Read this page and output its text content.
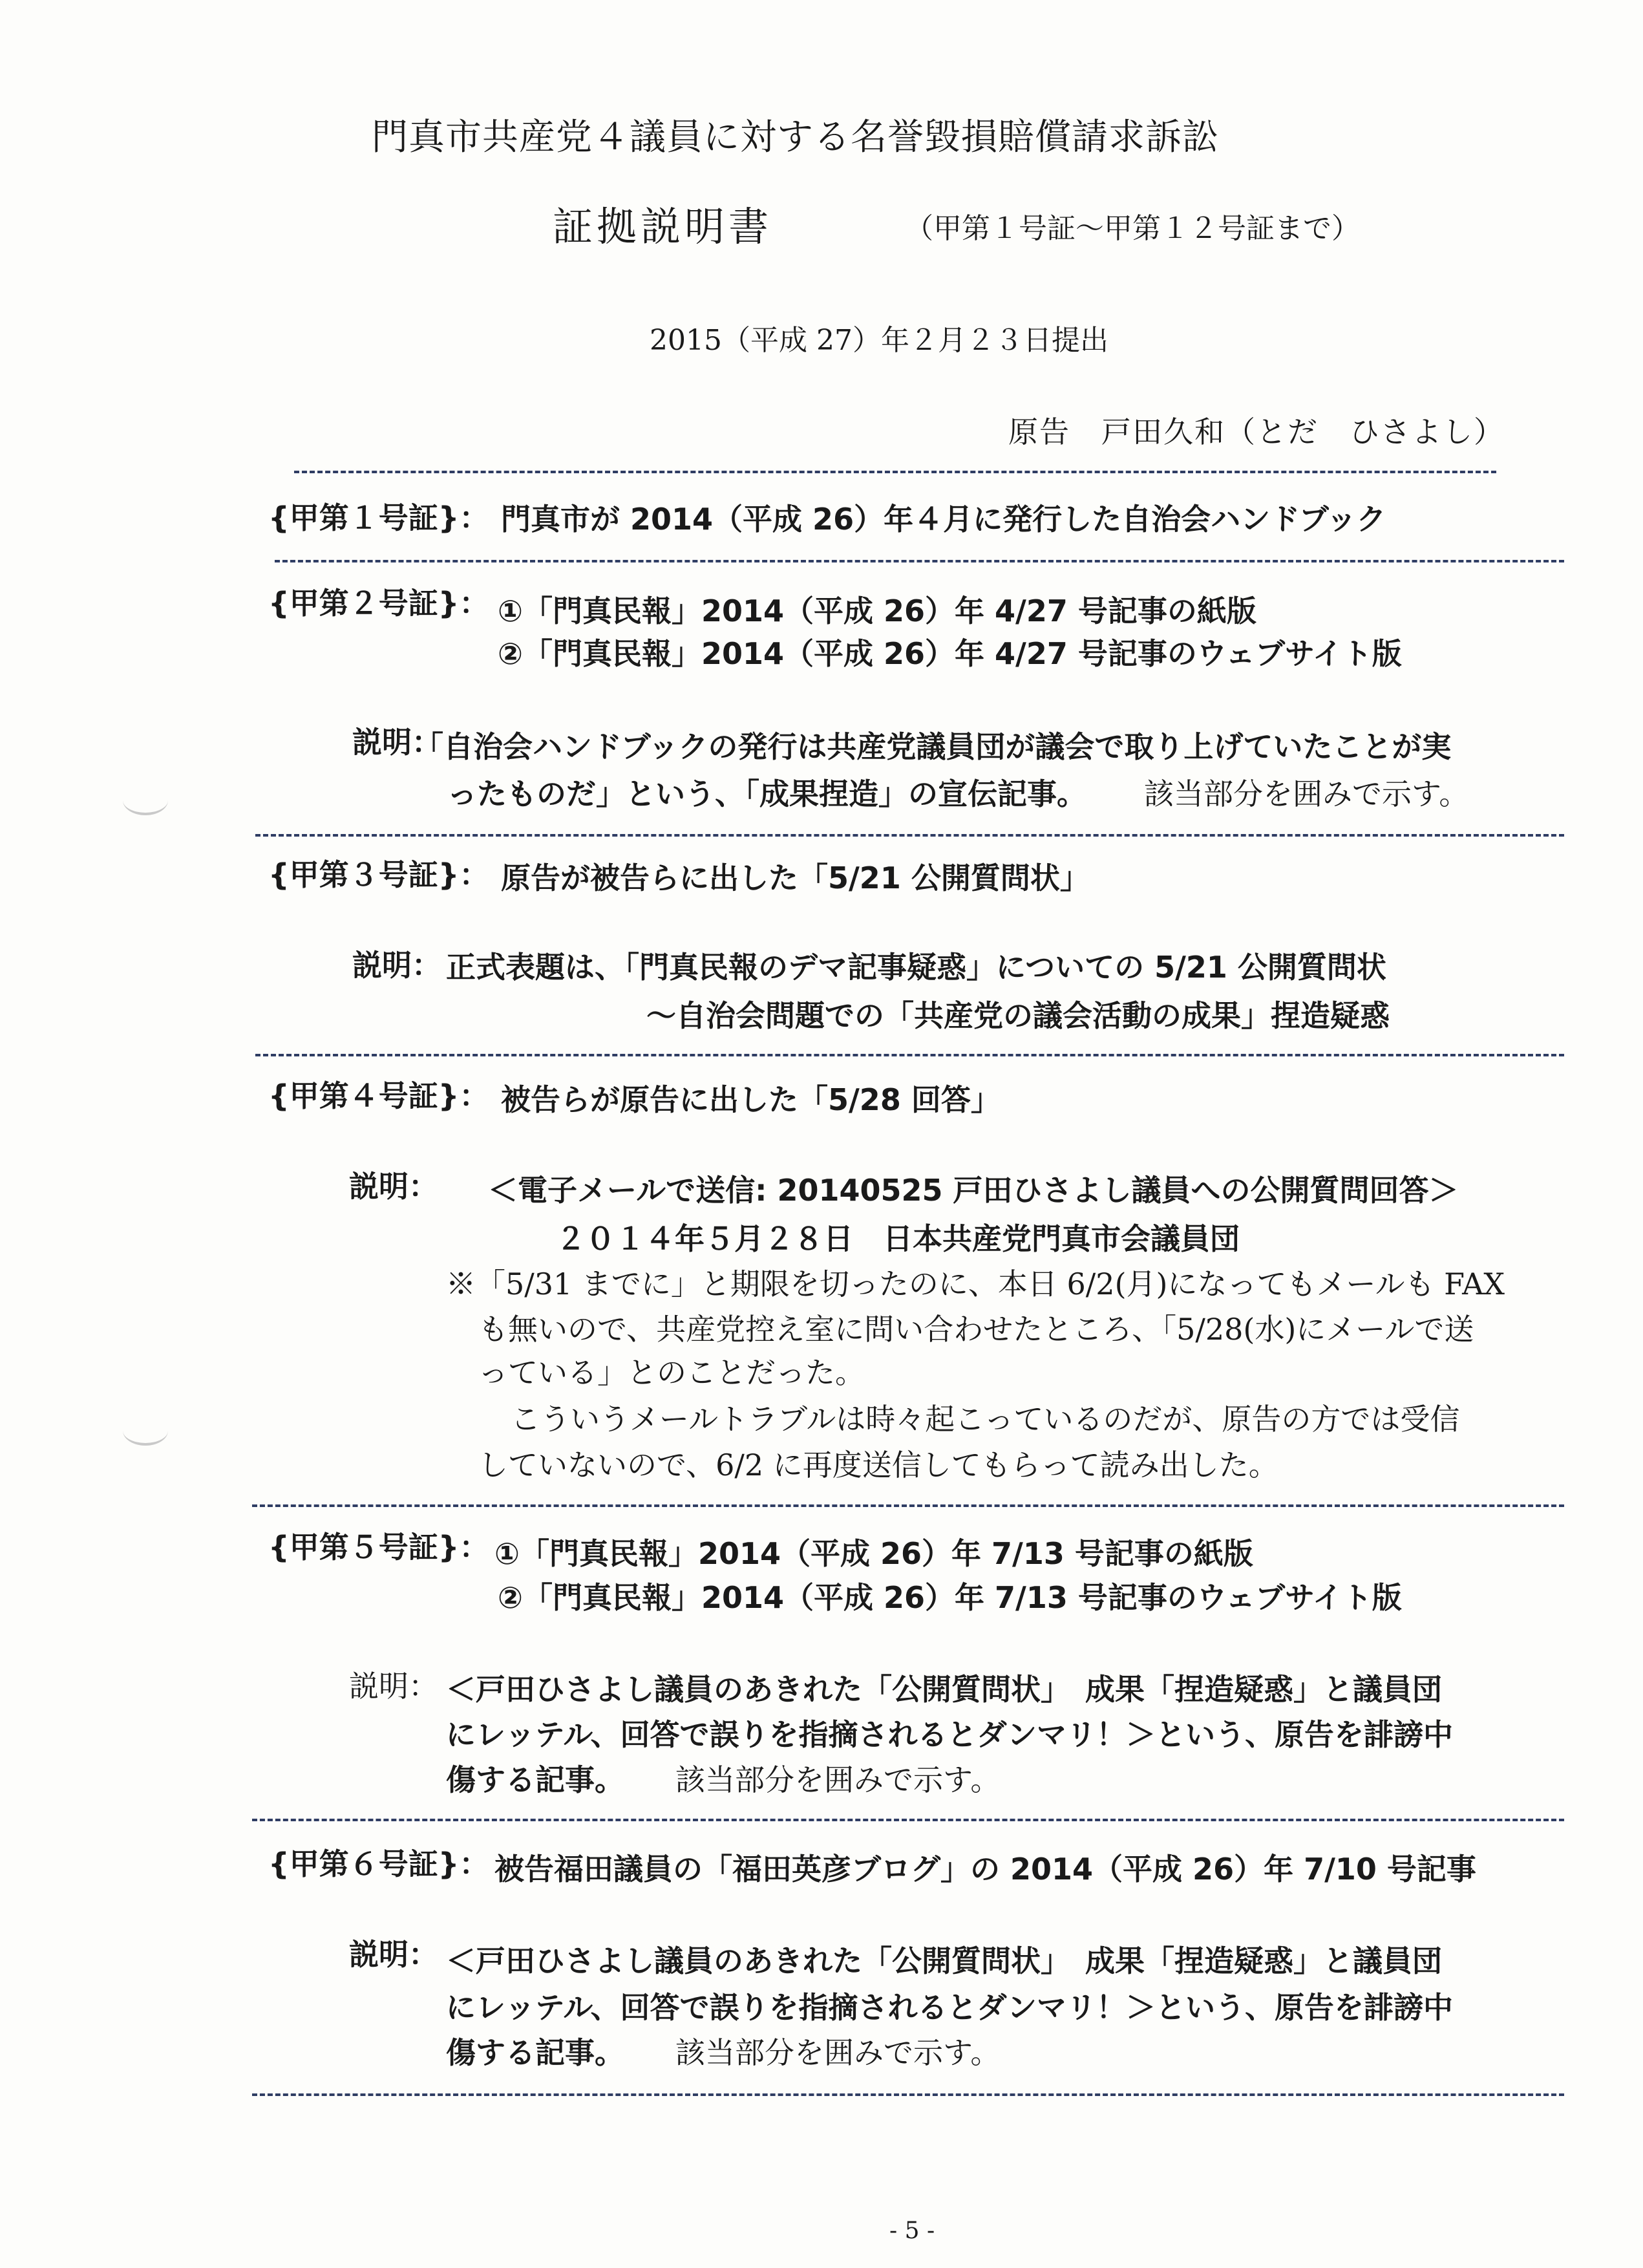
門真市共産党４議員に対する名誉毀損賠償請求訴訟
証拠説明書	（甲第１号証～甲第１２号証まで）
2015（平成 27）年２月２３日提出
原告　戸田久和（とだ　ひさよし）
{甲第１号証}： 門真市が 2014（平成 26）年４月に発行した自治会ハンドブック
{甲第２号証}： ①「門真民報」2014（平成 26）年 4/27 号記事の紙版
②「門真民報」2014（平成 26）年 4/27 号記事のウェブサイト版
説明：
「自治会ハンドブックの発行は共産党議員団が議会で取り上げていたことが実
ったものだ」という、「成果捏造」の宣伝記事。 該当部分を囲みで示す。
{甲第３号証}： 原告が被告らに出した「5/21 公開質問状」
説明： 正式表題は、「門真民報のデマ記事疑惑」についての 5/21 公開質問状
～自治会問題での「共産党の議会活動の成果」捏造疑惑
{甲第４号証}： 被告らが原告に出した「5/28 回答」
説明： ＜電子メールで送信: 20140525 戸田ひさよし議員への公開質問回答＞
２０１４年５月２８日　日本共産党門真市会議員団
※「5/31 までに」と期限を切ったのに、本日 6/2(月)になってもメールも FAX
も無いので、共産党控え室に問い合わせたところ、「5/28(水)にメールで送
っている」とのことだった。
こういうメールトラブルは時々起こっているのだが、原告の方では受信
していないので、6/2 に再度送信してもらって読み出した。
{甲第５号証}： ①「門真民報」2014（平成 26）年 7/13 号記事の紙版
②「門真民報」2014（平成 26）年 7/13 号記事のウェブサイト版
説明： ＜戸田ひさよし議員のあきれた「公開質問状」　成果「捏造疑惑」と議員団
にレッテル、回答で誤りを指摘されるとダンマリ！＞という、原告を誹謗中
傷する記事。 該当部分を囲みで示す。
{甲第６号証}： 被告福田議員の「福田英彦ブログ」の 2014（平成 26）年 7/10 号記事
説明： ＜戸田ひさよし議員のあきれた「公開質問状」　成果「捏造疑惑」と議員団
にレッテル、回答で誤りを指摘されるとダンマリ！＞という、原告を誹謗中
傷する記事。 該当部分を囲みで示す。
- 5 -
